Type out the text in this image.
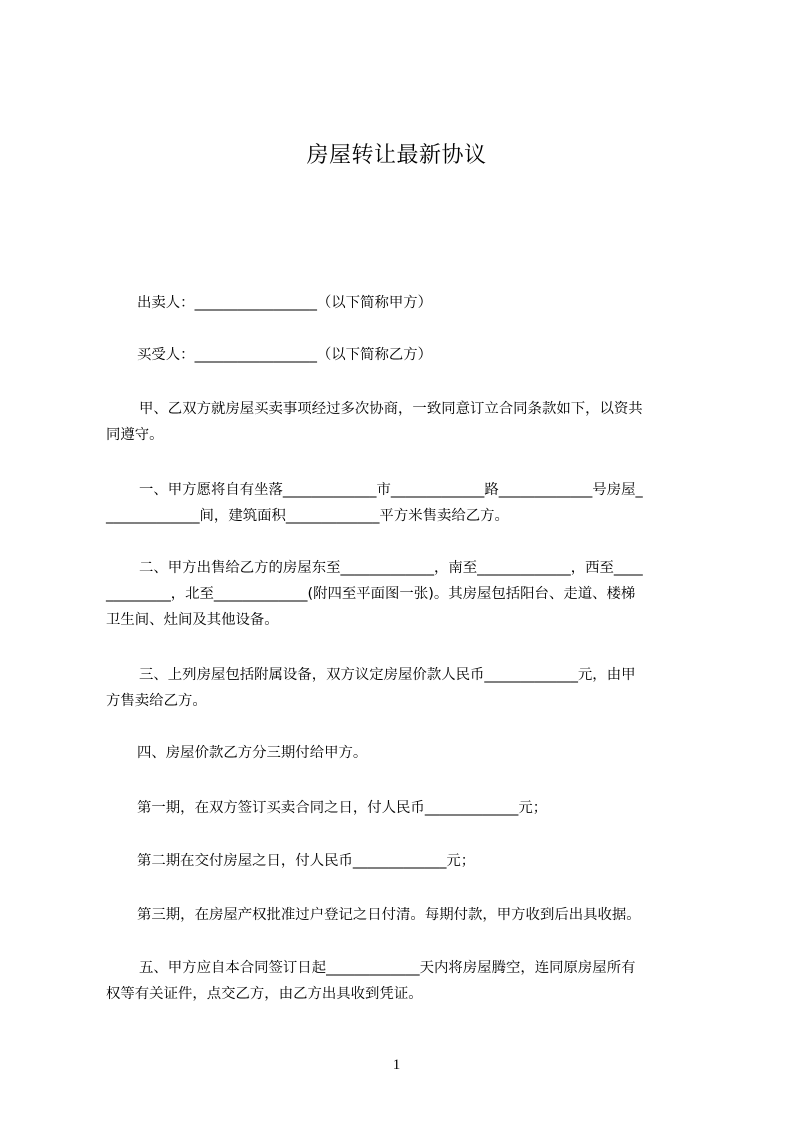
房屋转让最新协议
出卖人：_________________（以下简称甲方）
买受人：_________________（以下简称乙方）
甲、乙双方就房屋买卖事项经过多次协商，一致同意订立合同条款如下，以资共
同遵守。
一、甲方愿将自有坐落_____________市_____________路_____________号房屋_
_____________间，建筑面积_____________平方米售卖给乙方。
二、甲方出售给乙方的房屋东至_____________，南至_____________，西至____
_________，北至_____________(附四至平面图一张)。其房屋包括阳台、走道、楼梯
卫生间、灶间及其他设备。
三、上列房屋包括附属设备，双方议定房屋价款人民币_____________元，由甲
方售卖给乙方。
四、房屋价款乙方分三期付给甲方。
第一期，在双方签订买卖合同之日，付人民币_____________元；
第二期在交付房屋之日，付人民币_____________元；
第三期，在房屋产权批准过户登记之日付清。每期付款，甲方收到后出具收据。
五、甲方应自本合同签订日起_____________天内将房屋腾空，连同原房屋所有
权等有关证件，点交乙方，由乙方出具收到凭证。
1
